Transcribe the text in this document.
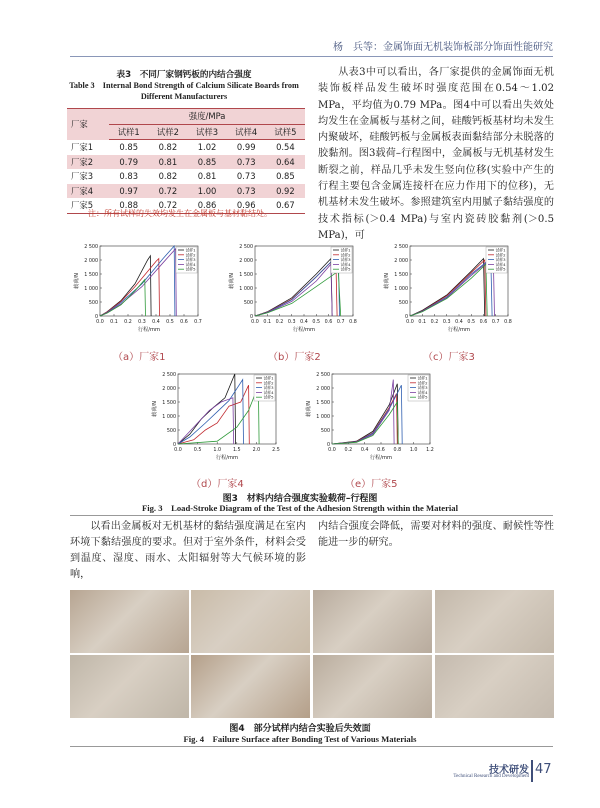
杨　兵等：金属饰面无机装饰板部分饰面性能研究
表3　不同厂家钢钙板的内结合强度
Table 3　Internal Bond Strength of Calcium Silicate Boards from Different Manufacturers
厂家	强度/MPa				
	试样1	试样2	试样3	试样4	试样5
厂家1	0.85	0.82	1.02	0.99	0.54
厂家2	0.79	0.81	0.85	0.73	0.64
厂家3	0.83	0.82	0.81	0.73	0.85
厂家4	0.97	0.72	1.00	0.73	0.92
厂家5	0.88	0.72	0.86	0.96	0.67
注：所有试样的失效均发生在金属板与基材黏结处。

从表3中可以看出，各厂家提供的金属饰面无机装饰板样品发生破坏时强度范围在0.54～1.02 MPa，平均值为0.79 MPa。图4中可以看出失效处均发生在金属板与基材之间，硅酸钙板基材均未发生内聚破坏，硅酸钙板与金属板表面黏结部分未脱落的胶黏剂。图3载荷–行程图中，金属板与无机基材发生断裂之前，样品几乎未发生竖向位移(实验中产生的行程主要包含金属连接杆在应力作用下的位移)，无机基材未发生破坏。参照建筑室内用腻子黏结强度的技术指标(＞0.4 MPa)与室内瓷砖胶黏剂(＞0.5 MPa)，可

0
500
1 000
1 500
2 000
2 500
0.0 0.1 0.2 0.3 0.4 0.5 0.6 0.7
载荷/N
行程/mm
试样1
试样2
试样3
试样4
试样5
（a）厂家1
0
500
1 000
1 500
2 000
2 500
0.0 0.1 0.2 0.3 0.4 0.5 0.6 0.7 0.8
载荷/N
行程/mm
试样1
试样2
试样3
试样4
试样5
（b）厂家2
0
500
1 000
1 500
2 000
2 500
0.0 0.1 0.2 0.3 0.4 0.5 0.6 0.7 0.8
载荷/N
行程/mm
试样1
试样2
试样3
试样4
试样5
（c）厂家3
0
500
1 000
1 500
2 000
2 500
0.0 0.5 1.0 1.5 2.0 2.5
载荷/N
行程/mm
试样1
试样2
试样3
试样4
试样5
（d）厂家4
0
500
1 000
1 500
2 000
2 500
0.0 0.2 0.4 0.6 0.8 1.0 1.2
载荷/N
行程/mm
试样1
试样2
试样3
试样4
试样5
（e）厂家5
图3　材料内结合强度实验载荷–行程图
Fig. 3　Load-Stroke Diagram of the Test of the Adhesion Strength within the Material
以看出金属板对无机基材的黏结强度满足在室内环境下黏结强度的要求。但对于室外条件，材料会受到温度、湿度、雨水、太阳辐射等大气候环境的影响，
内结合强度会降低，需要对材料的强度、耐候性等性能进一步的研究。
图4　部分试样内结合实验后失效面
Fig. 4　Failure Surface after Bonding Test of Various Materials
技术研发
Technical Research and Development 47
